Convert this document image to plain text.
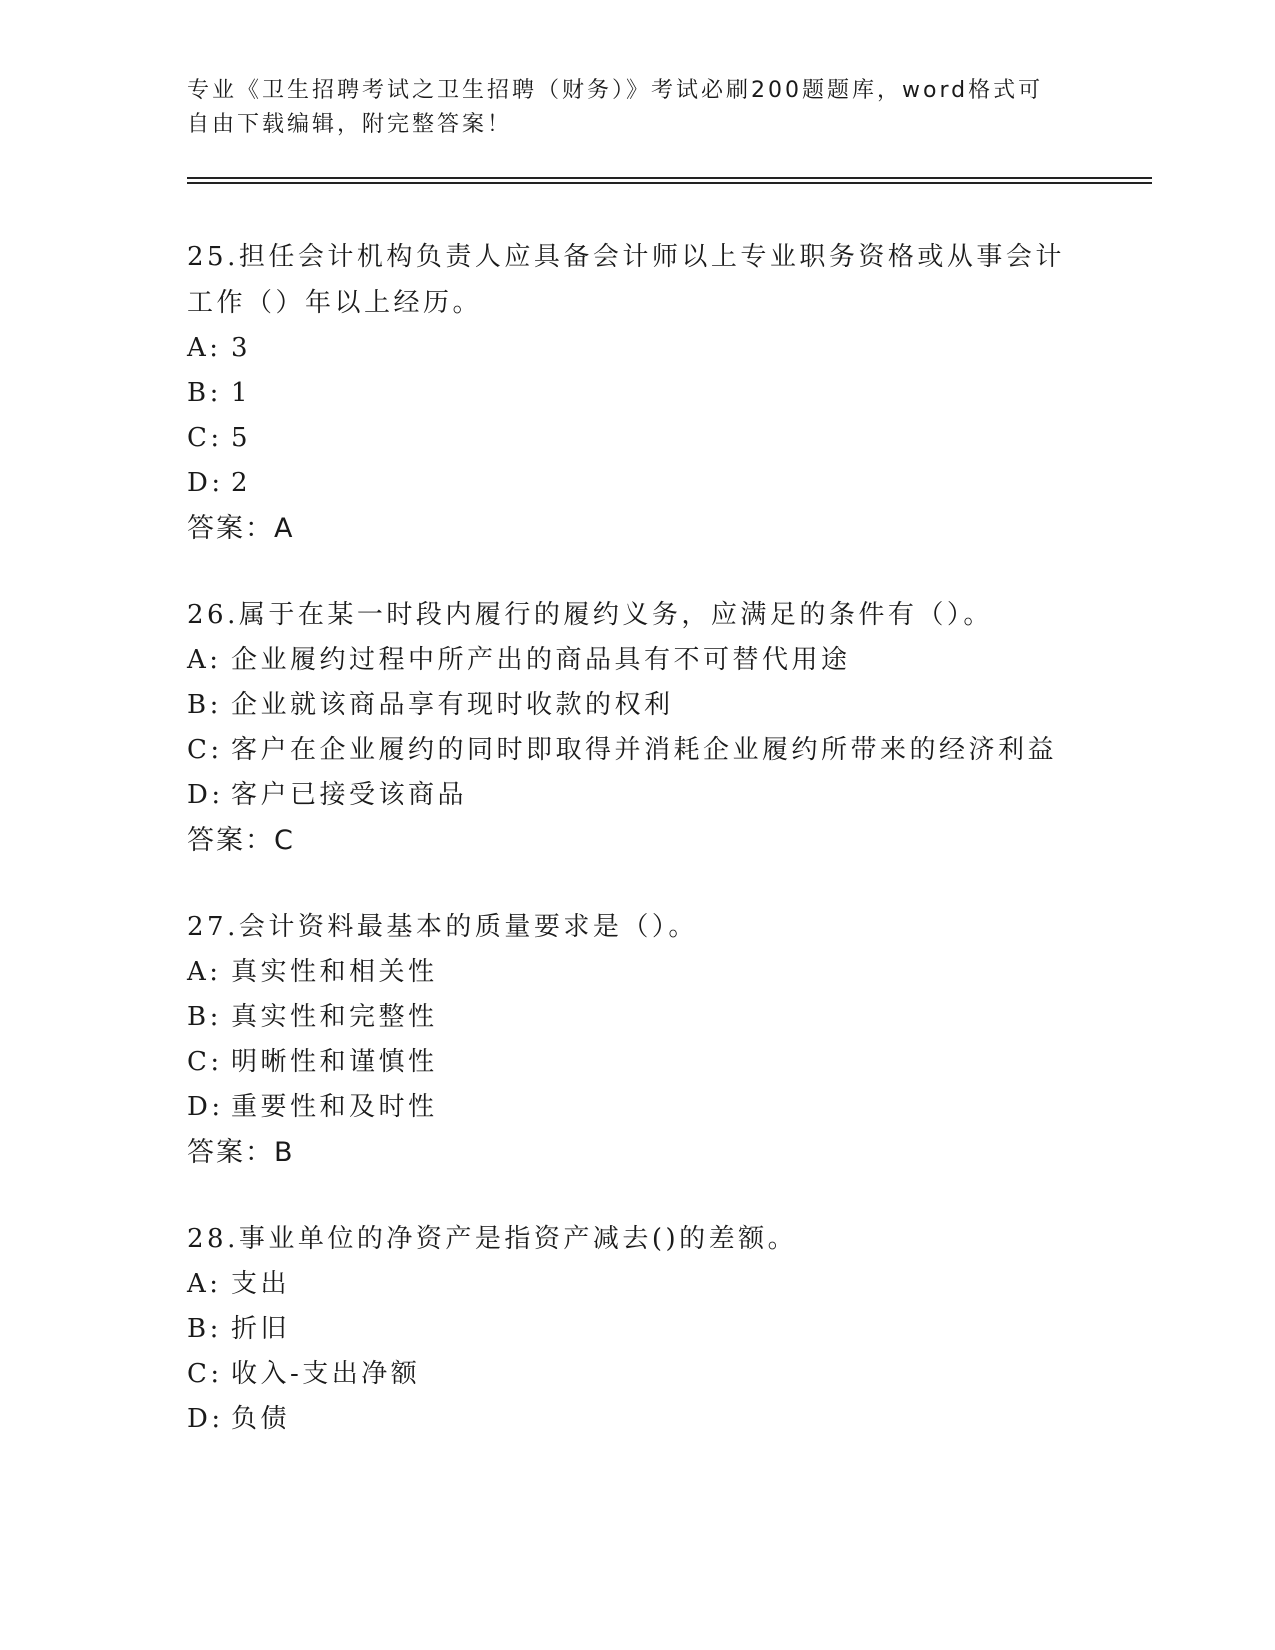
专业《卫生招聘考试之卫生招聘（财务）》考试必刷200题题库，word格式可自由下载编辑，附完整答案！

25.担任会计机构负责人应具备会计师以上专业职务资格或从事会计工作（）年以上经历。

A: 3

B: 1

C: 5

D: 2

答案：A

26.属于在某一时段内履行的履约义务，应满足的条件有（）。

A: 企业履约过程中所产出的商品具有不可替代用途

B: 企业就该商品享有现时收款的权利

C: 客户在企业履约的同时即取得并消耗企业履约所带来的经济利益

D: 客户已接受该商品

答案：C

27.会计资料最基本的质量要求是（）。

A: 真实性和相关性

B: 真实性和完整性

C: 明晰性和谨慎性

D: 重要性和及时性

答案：B

28.事业单位的净资产是指资产减去()的差额。

A: 支出

B: 折旧

C: 收入-支出净额

D: 负债
